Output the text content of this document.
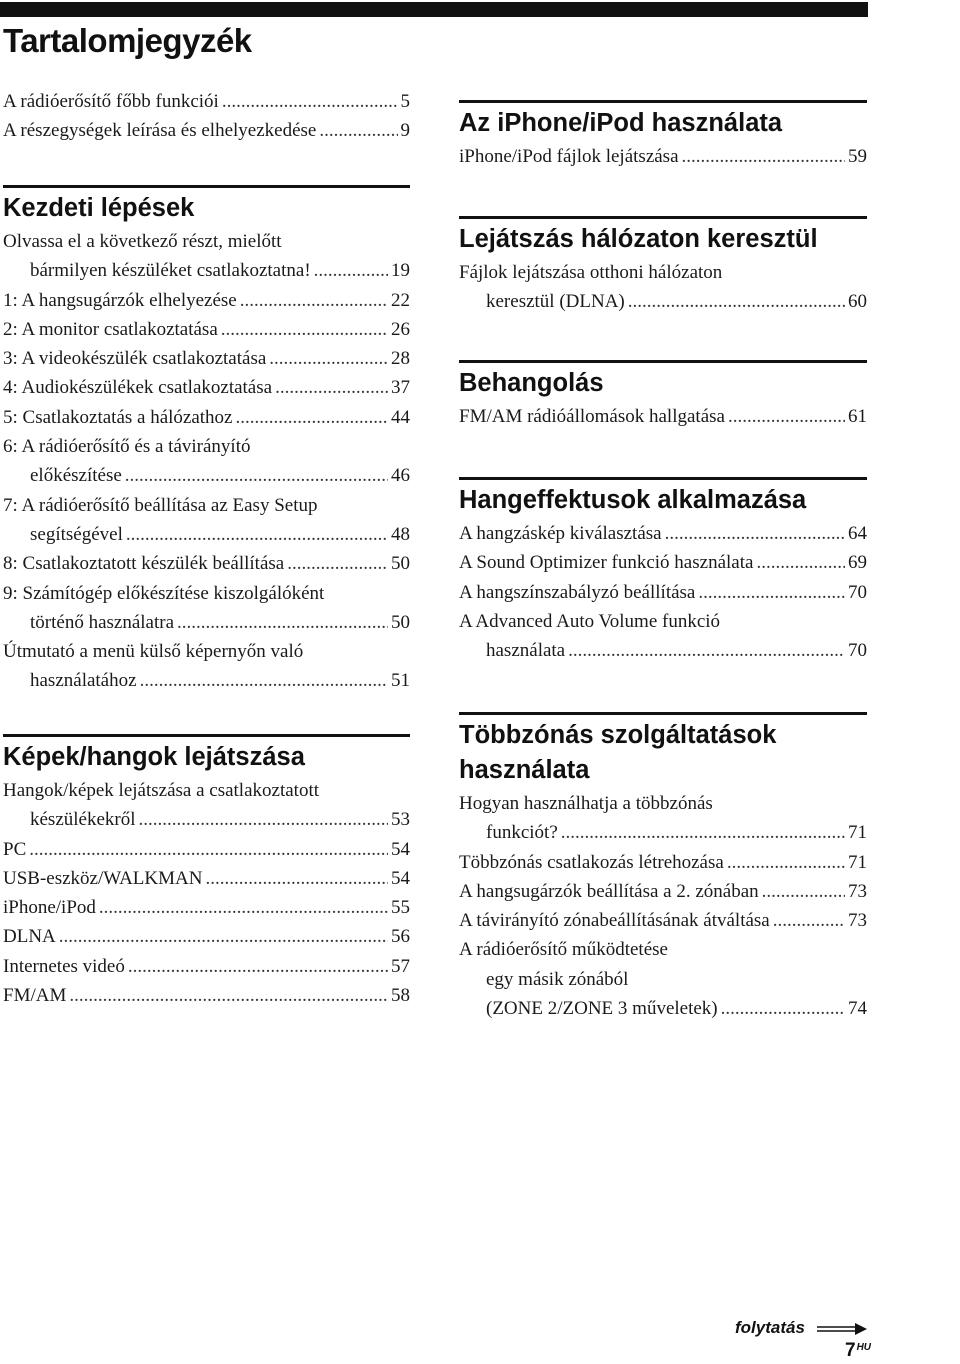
Tartalomjegyzék
A rádióerősítő főbb funkciói .....	5
A részegységek leírása és elhelyezkedése .....	9
Kezdeti lépések
Olvassa el a következő részt, mielőtt
bármilyen készüléket csatlakoztatna! .....	19
1: A hangsugárzók elhelyezése .....	22
2: A monitor csatlakoztatása .....	26
3: A videokészülék csatlakoztatása .....	28
4: Audiokészülékek csatlakoztatása .....	37
5: Csatlakoztatás a hálózathoz .....	44
6: A rádióerősítő és a távirányító
előkészítése .....	46
7: A rádióerősítő beállítása az Easy Setup
segítségével .....	48
8: Csatlakoztatott készülék beállítása .....	50
9: Számítógép előkészítése kiszolgálóként
történő használatra .....	50
Útmutató a menü külső képernyőn való
használatához .....	51
Képek/hangok lejátszása
Hangok/képek lejátszása a csatlakoztatott
készülékekről .....	53
PC .....	54
USB-eszköz/WALKMAN .....	54
iPhone/iPod .....	55
DLNA .....	56
Internetes videó .....	57
FM/AM .....	58
Az iPhone/iPod használata
iPhone/iPod fájlok lejátszása .....	59
Lejátszás hálózaton keresztül
Fájlok lejátszása otthoni hálózaton
keresztül (DLNA) .....	60
Behangolás
FM/AM rádióállomások hallgatása .....	61
Hangeffektusok alkalmazása
A hangzáskép kiválasztása .....	64
A Sound Optimizer funkció használata .....	69
A hangszínszabályzó beállítása .....	70
A Advanced Auto Volume funkció
használata .....	70
Többzónás szolgáltatások használata
Hogyan használhatja a többzónás
funkciót? .....	71
Többzónás csatlakozás létrehozása .....	71
A hangsugárzók beállítása a 2. zónában .....	73
A távirányító zónabeállításának átváltása .....	73
A rádióerősítő működtetése
egy másik zónából
(ZONE 2/ZONE 3 műveletek) .....	74
folytatás
$7^{HU}$
